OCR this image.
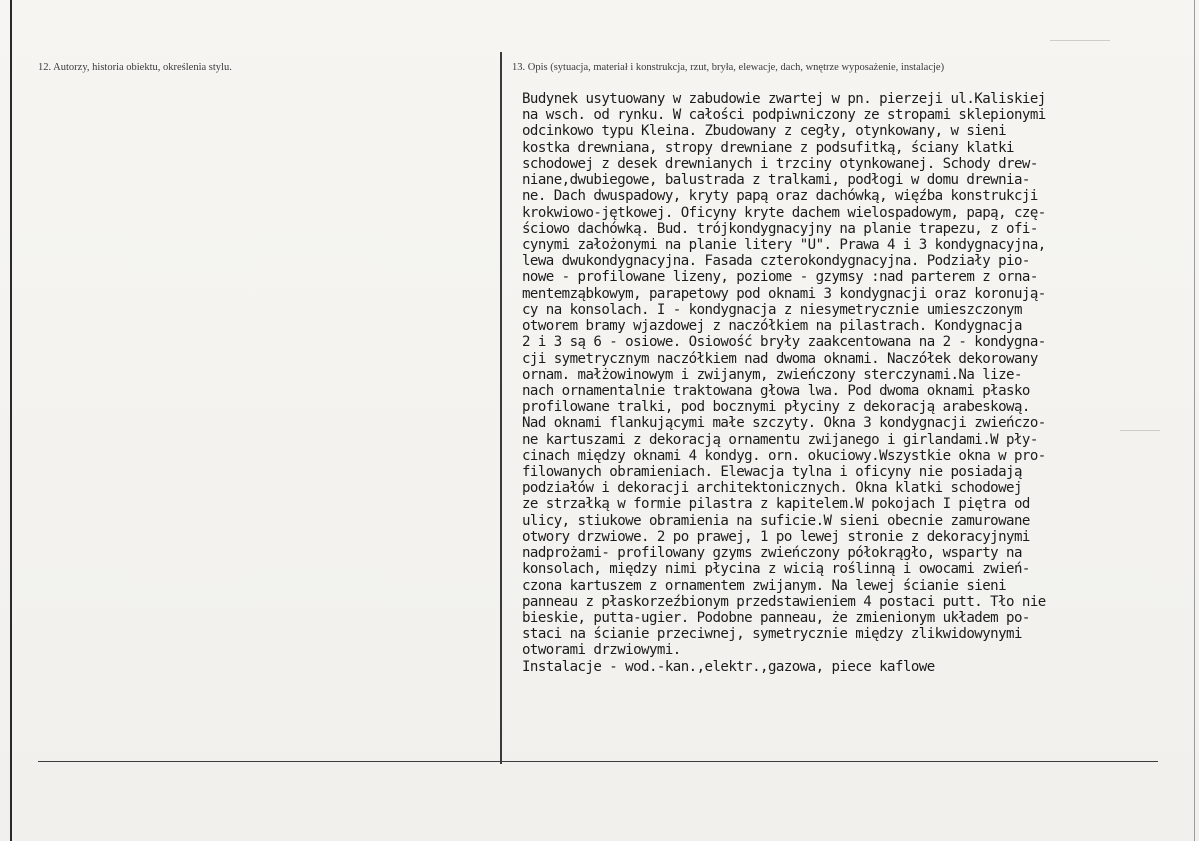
12. Autorzy, historia obiektu, określenia stylu.	13. Opis (sytuacja, materiał i konstrukcja, rzut, bryła, elewacje, dach, wnętrze wyposażenie, instalacje)
Budynek usytuowany w zabudowie zwartej w pn. pierzeji ul.Kaliskiej
na wsch. od rynku. W całości podpiwniczony ze stropami sklepionymi
odcinkowo typu Kleina. Zbudowany z cegły, otynkowany, w sieni
kostka drewniana, stropy drewniane z podsufitką, ściany klatki
schodowej z desek drewnianych i trzciny otynkowanej. Schody drew-
niane,dwubiegowe, balustrada z tralkami, podłogi w domu drewnia-
ne. Dach dwuspadowy, kryty papą oraz dachówką, więźba konstrukcji
krokwiowo-jętkowej. Oficyny kryte dachem wielospadowym, papą, czę-
ściowo dachówką. Bud. trójkondygnacyjny na planie trapezu, z ofi-
cynymi założonymi na planie litery "U". Prawa 4 i 3 kondygnacyjna,
lewa dwukondygnacyjna. Fasada czterokondygnacyjna. Podziały pio-
nowe - profilowane lizeny, poziome - gzymsy :nad parterem z orna-
mentemząbkowym, parapetowy pod oknami 3 kondygnacji oraz koronują-
cy na konsolach. I - kondygnacja z niesymetrycznie umieszczonym
otworem bramy wjazdowej z naczółkiem na pilastrach. Kondygnacja
2 i 3 są 6 - osiowe. Osiowość bryły zaakcentowana na 2 - kondygna-
cji symetrycznym naczółkiem nad dwoma oknami. Naczółek dekorowany
ornam. małżowinowym i zwijanym, zwieńczony sterczynami.Na lize-
nach ornamentalnie traktowana głowa lwa. Pod dwoma oknami płasko
profilowane tralki, pod bocznymi płyciny z dekoracją arabeskową.
Nad oknami flankującymi małe szczyty. Okna 3 kondygnacji zwieńczo-
ne kartuszami z dekoracją ornamentu zwijanego i girlandami.W pły-
cinach między oknami 4 kondyg. orn. okuciowy.Wszystkie okna w pro-
filowanych obramieniach. Elewacja tylna i oficyny nie posiadają
podziałów i dekoracji architektonicznych. Okna klatki schodowej
ze strzałką w formie pilastra z kapitelem.W pokojach I piętra od
ulicy, stiukowe obramienia na suficie.W sieni obecnie zamurowane
otwory drzwiowe. 2 po prawej, 1 po lewej stronie z dekoracyjnymi
nadprożami- profilowany gzyms zwieńczony półokrągło, wsparty na
konsolach, między nimi płycina z wicią roślinną i owocami zwień-
czona kartuszem z ornamentem zwijanym. Na lewej ścianie sieni
panneau z płaskorzeźbionym przedstawieniem 4 postaci putt. Tło nie
bieskie, putta-ugier. Podobne panneau, że zmienionym układem po-
staci na ścianie przeciwnej, symetrycznie między zlikwidowynymi
otworami drzwiowymi.
Instalacje - wod.-kan.,elektr.,gazowa, piece kaflowe
